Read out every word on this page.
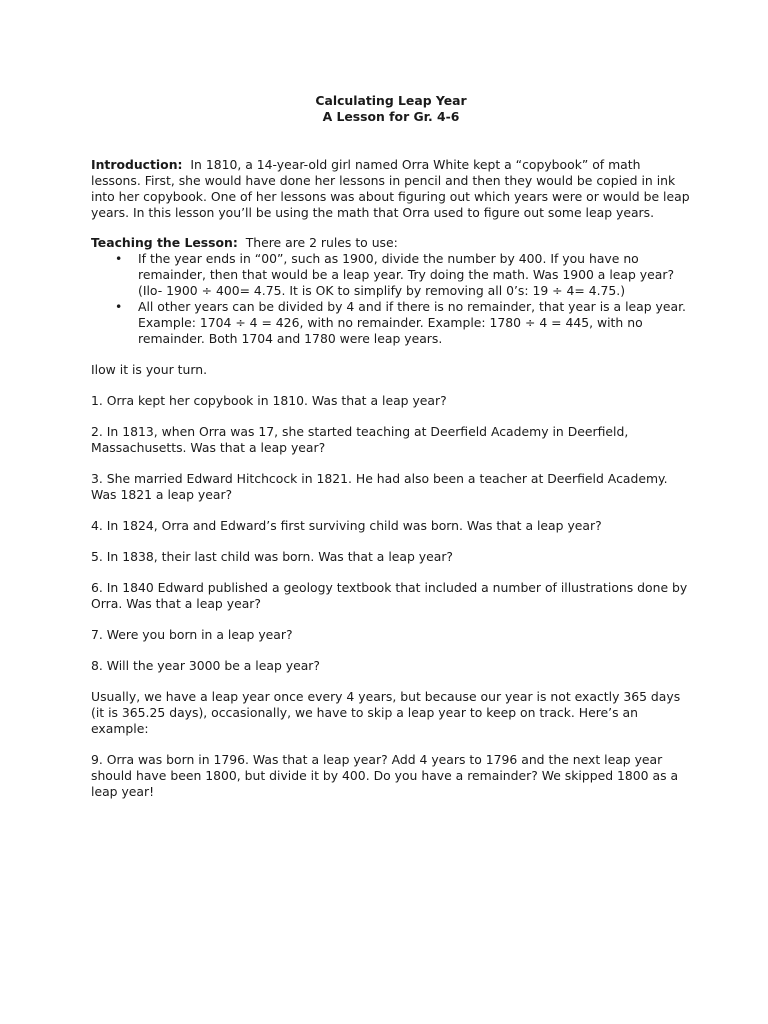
Calculating Leap Year

A Lesson for Gr. 4-6

Introduction: In 1810, a 14-year-old girl named Orra White kept a “copybook” of math lessons. First, she would have done her lessons in pencil and then they would be copied in ink into her copybook. One of her lessons was about figuring out which years were or would be leap years. In this lesson you’ll be using the math that Orra used to figure out some leap years.

Teaching the Lesson: There are 2 rules to use:

• If the year ends in “00”, such as 1900, divide the number by 400. If you have no remainder, then that would be a leap year. Try doing the math. Was 1900 a leap year? (Ilo- 1900 ÷ 400= 4.75. It is OK to simplify by removing all 0’s: 19 ÷ 4= 4.75.)
• All other years can be divided by 4 and if there is no remainder, that year is a leap year. Example: 1704 ÷ 4 = 426, with no remainder. Example: 1780 ÷ 4 = 445, with no remainder. Both 1704 and 1780 were leap years.

Ilow it is your turn.

1. Orra kept her copybook in 1810. Was that a leap year?

2. In 1813, when Orra was 17, she started teaching at Deerfield Academy in Deerfield, Massachusetts. Was that a leap year?

3. She married Edward Hitchcock in 1821. He had also been a teacher at Deerfield Academy. Was 1821 a leap year?

4. In 1824, Orra and Edward’s first surviving child was born. Was that a leap year?

5. In 1838, their last child was born. Was that a leap year?

6. In 1840 Edward published a geology textbook that included a number of illustrations done by Orra. Was that a leap year?

7. Were you born in a leap year?

8. Will the year 3000 be a leap year?

Usually, we have a leap year once every 4 years, but because our year is not exactly 365 days (it is 365.25 days), occasionally, we have to skip a leap year to keep on track. Here’s an example:

9. Orra was born in 1796. Was that a leap year? Add 4 years to 1796 and the next leap year should have been 1800, but divide it by 400. Do you have a remainder? We skipped 1800 as a leap year!
